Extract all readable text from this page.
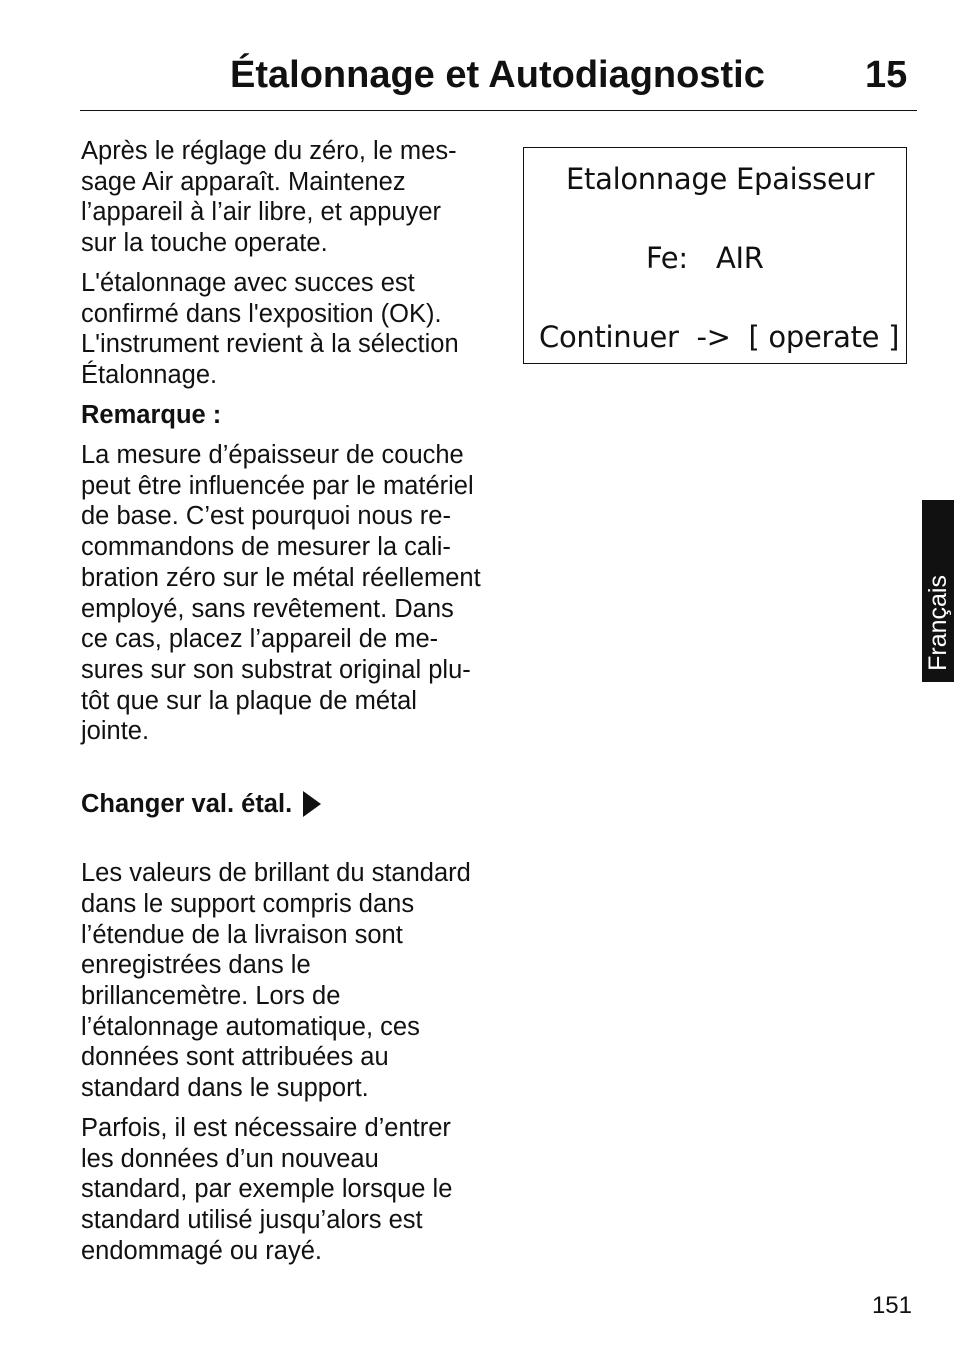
Étalonnage et Autodiagnostic	15
Après le réglage du zéro, le mes-
sage Air apparaît. Maintenez
l’appareil à l’air libre, et appuyer
sur la touche operate.
L'étalonnage avec succes est
confirmé dans l'exposition (OK).
L'instrument revient à la sélection
Étalonnage.
Remarque :
La mesure d’épaisseur de couche
peut être influencée par le matériel
de base. C’est pourquoi nous re-
commandons de mesurer la cali-
bration zéro sur le métal réellement
employé, sans revêtement. Dans
ce cas, placez l’appareil de me-
sures sur son substrat original plu-
tôt que sur la plaque de métal
jointe.
Changer val. étal.
Les valeurs de brillant du standard
dans le support compris dans
l’étendue de la livraison sont
enregistrées dans le
brillancemètre. Lors de
l’étalonnage automatique, ces
données sont attribuées au
standard dans le support.
Parfois, il est nécessaire d’entrer
les données d’un nouveau
standard, par exemple lorsque le
standard utilisé jusqu’alors est
endommagé ou rayé.
Etalonnage Epaisseur
Fe: AIR
Continuer  ->  [ operate ]
Français
151
